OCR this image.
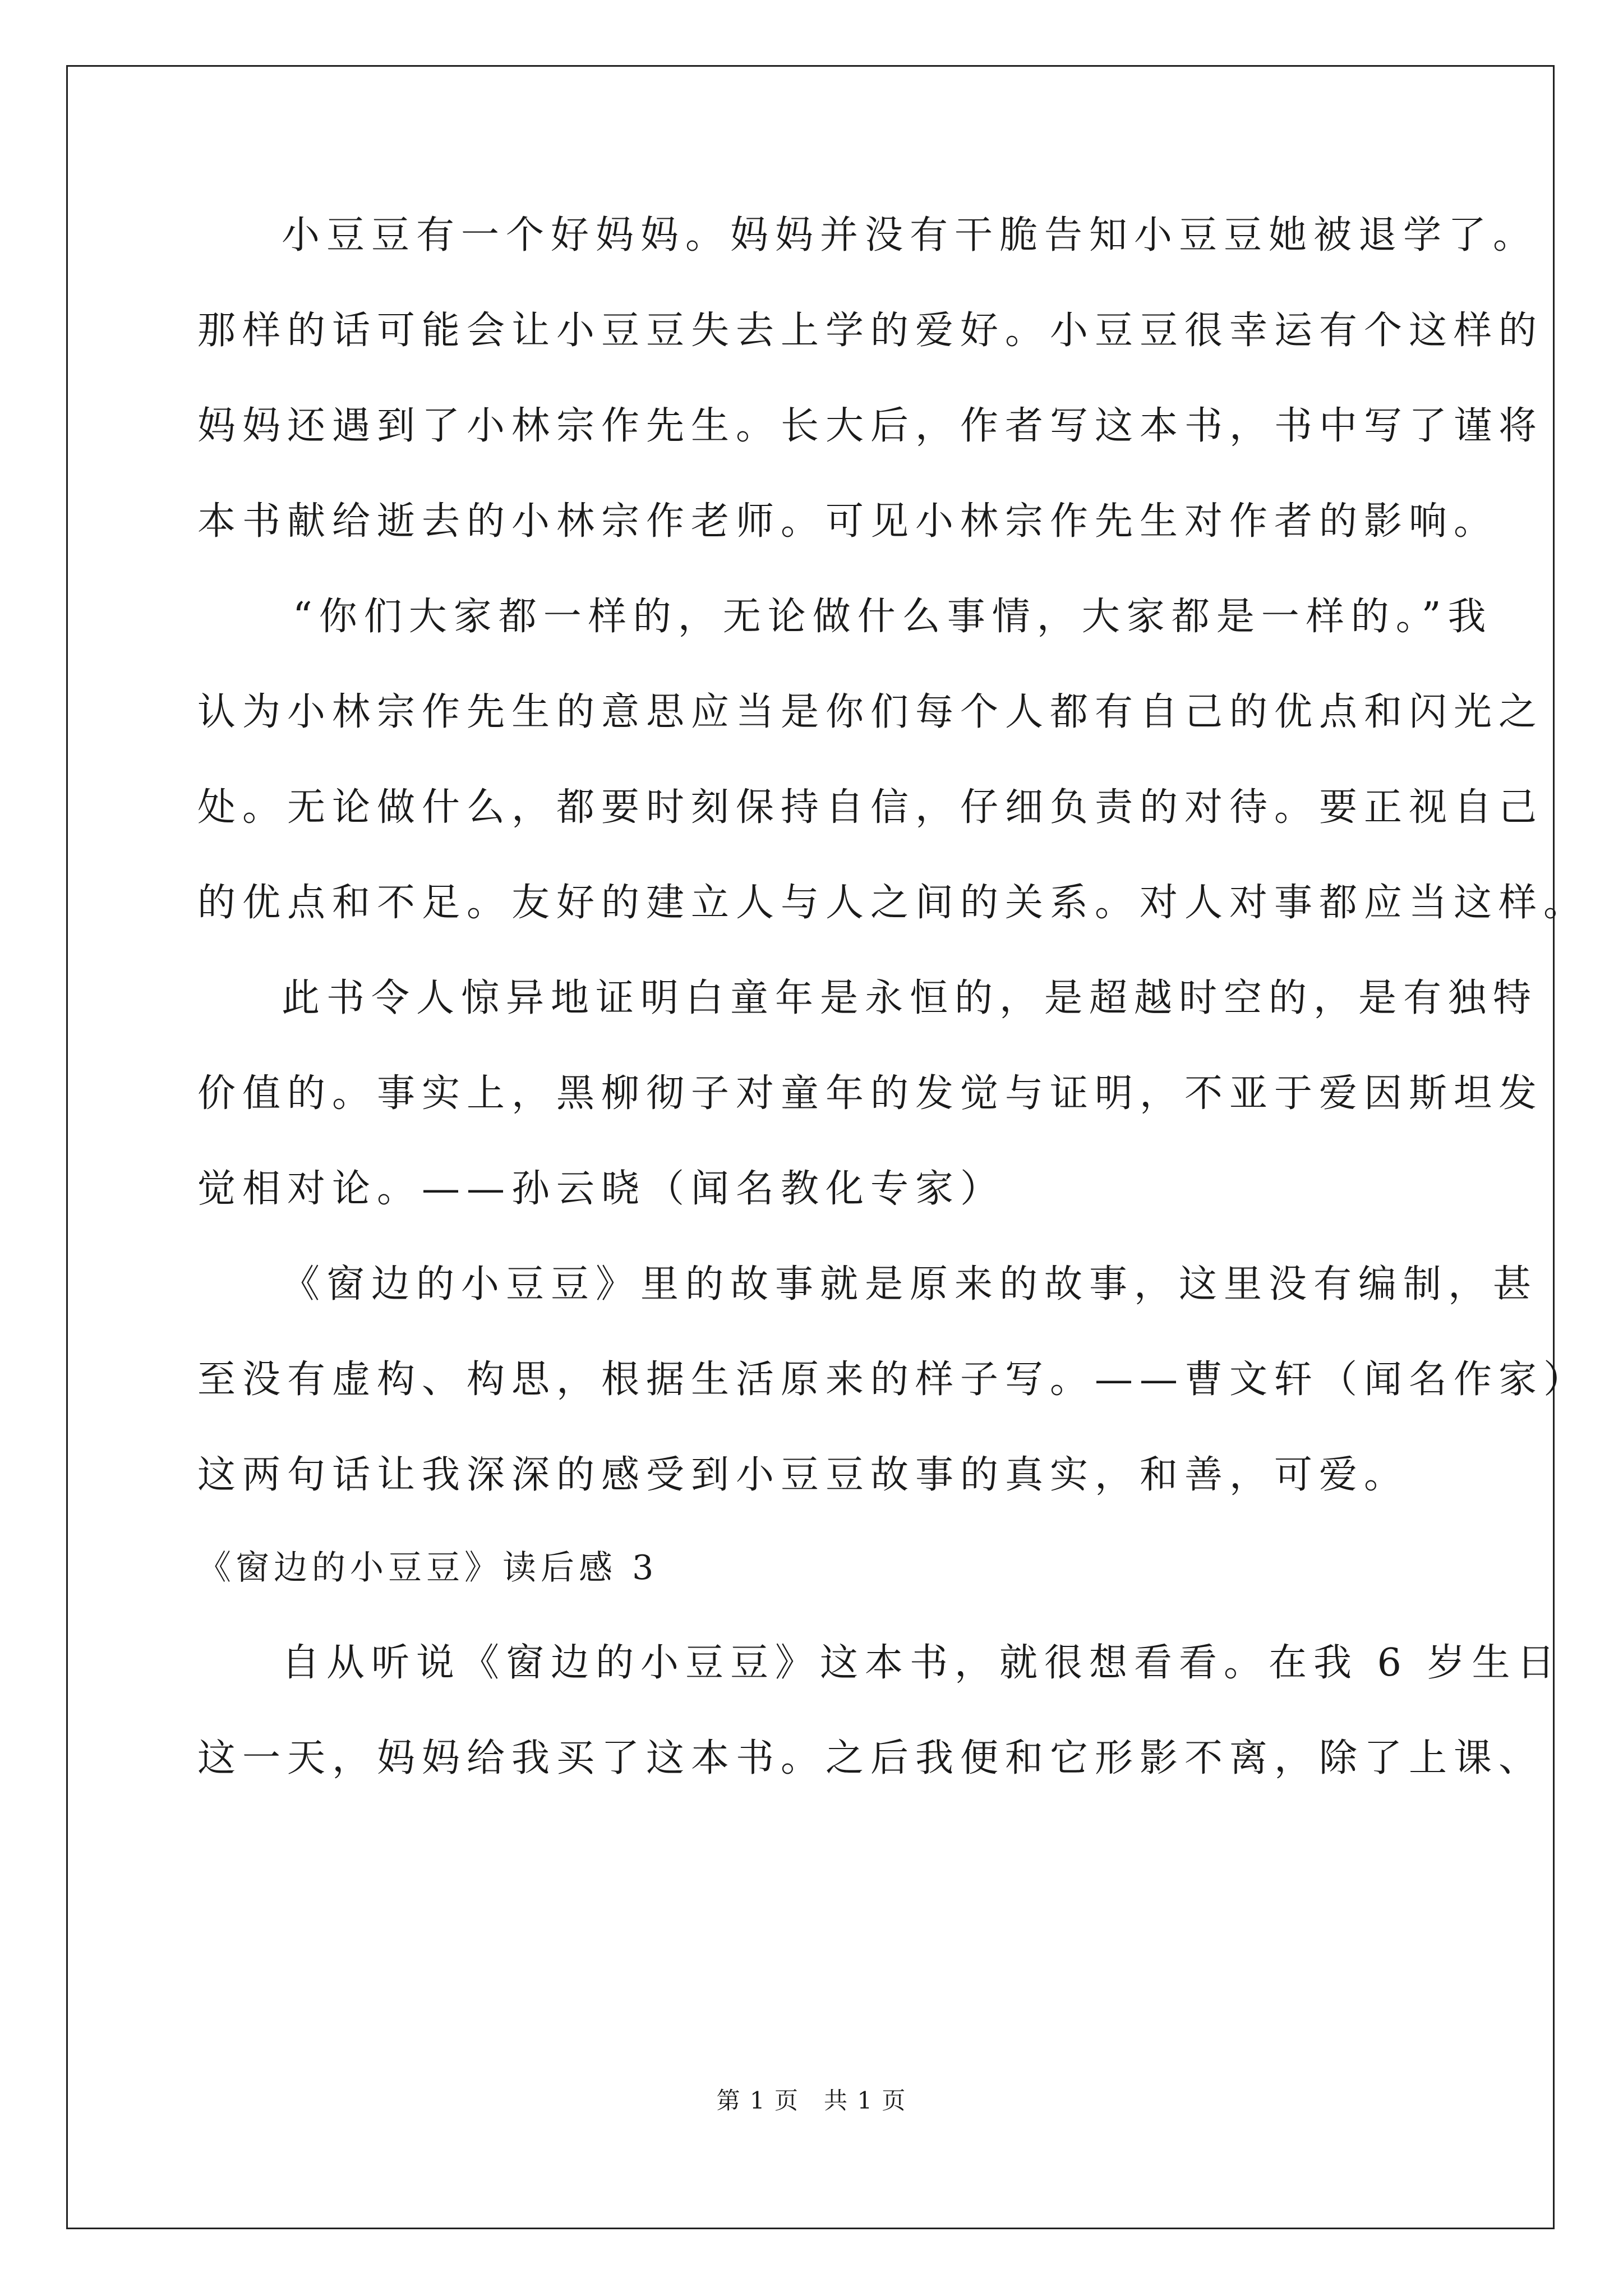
小豆豆有一个好妈妈。妈妈并没有干脆告知小豆豆她被退学了。
那样的话可能会让小豆豆失去上学的爱好。小豆豆很幸运有个这样的
妈妈还遇到了小林宗作先生。长大后，作者写这本书，书中写了谨将
本书献给逝去的小林宗作老师。可见小林宗作先生对作者的影响。
“你们大家都一样的，无论做什么事情，大家都是一样的。”我
认为小林宗作先生的意思应当是你们每个人都有自己的优点和闪光之
处。无论做什么，都要时刻保持自信，仔细负责的对待。要正视自己
的优点和不足。友好的建立人与人之间的关系。对人对事都应当这样。
此书令人惊异地证明白童年是永恒的，是超越时空的，是有独特
价值的。事实上，黑柳彻子对童年的发觉与证明，不亚于爱因斯坦发
觉相对论。——孙云晓（闻名教化专家）
《窗边的小豆豆》里的故事就是原来的故事，这里没有编制，甚
至没有虚构、构思，根据生活原来的样子写。——曹文轩（闻名作家）
这两句话让我深深的感受到小豆豆故事的真实，和善，可爱。
《窗边的小豆豆》读后感 3
自从听说《窗边的小豆豆》这本书，就很想看看。在我 6 岁生日
这一天，妈妈给我买了这本书。之后我便和它形影不离，除了上课、
第 1 页　共 1 页
